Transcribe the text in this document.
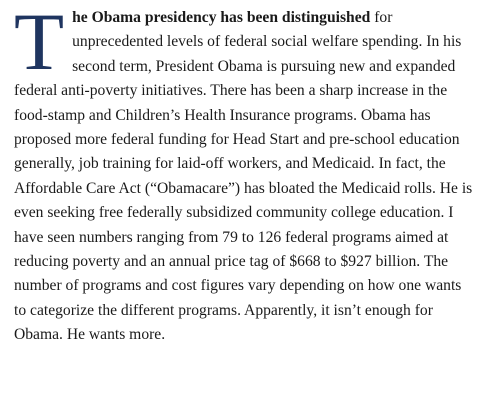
The Obama presidency has been distinguished for unprecedented levels of federal social welfare spending. In his second term, President Obama is pursuing new and expanded federal anti-poverty initiatives. There has been a sharp increase in the food-stamp and Children’s Health Insurance programs. Obama has proposed more federal funding for Head Start and pre-school education generally, job training for laid-off workers, and Medicaid. In fact, the Affordable Care Act (“Obamacare”) has bloated the Medicaid rolls. He is even seeking free federally subsidized community college education. I have seen numbers ranging from 79 to 126 federal programs aimed at reducing poverty and an annual price tag of $668 to $927 billion. The number of programs and cost figures vary depending on how one wants to categorize the different programs. Apparently, it isn’t enough for Obama. He wants more.
